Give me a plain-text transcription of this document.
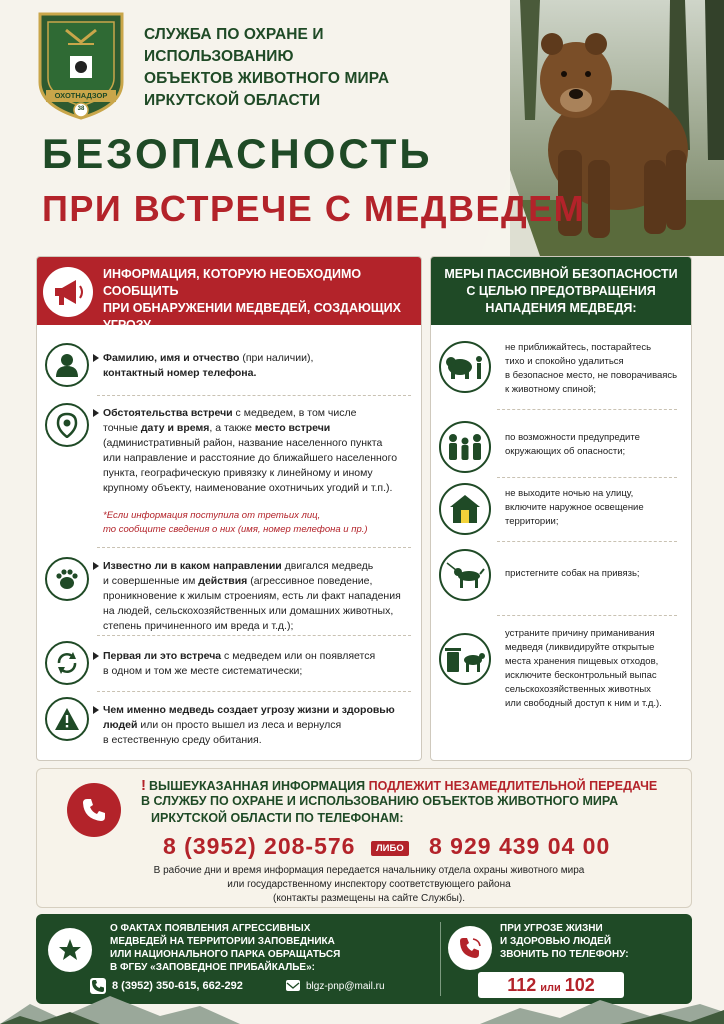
ОХОТНАДЗОР
38
СЛУЖБА ПО ОХРАНЕ И ИСПОЛЬЗОВАНИЮ
ОБЪЕКТОВ ЖИВОТНОГО МИРА
ИРКУТСКОЙ ОБЛАСТИ
БЕЗОПАСНОСТЬ
ПРИ ВСТРЕЧЕ С МЕДВЕДЕМ
ИНФОРМАЦИЯ, КОТОРУЮ НЕОБХОДИМО СООБЩИТЬ
ПРИ ОБНАРУЖЕНИИ МЕДВЕДЕЙ, СОЗДАЮЩИХ УГРОЗУ
ЖИЗНИ И ЗДОРОВЬЮ ЛЮДЕЙ:
Фамилию, имя и отчество (при наличии),
контактный номер телефона.
Обстоятельства встречи с медведем, в том числе
точные дату и время, а также место встречи
(административный район, название населенного пункта
или направление и расстояние до ближайшего населенного
пункта, географическую привязку к линейному и иному
крупному объекту, наименование охотничьих угодий и т.п.).
*Если информация поступила от третьих лиц,
то сообщите сведения о них (имя, номер телефона и пр.)
Известно ли в каком направлении двигался медведь
и совершенные им действия (агрессивное поведение,
проникновение к жилым строениям, есть ли факт нападения
на людей, сельскохозяйственных или домашних животных,
степень причиненного им вреда и т.д.);
Первая ли это встреча с медведем или он появляется
в одном и том же месте систематически;
Чем именно медведь создает угрозу жизни и здоровью
людей или он просто вышел из леса и вернулся
в естественную среду обитания.
МЕРЫ ПАССИВНОЙ БЕЗОПАСНОСТИ
С ЦЕЛЬЮ ПРЕДОТВРАЩЕНИЯ
НАПАДЕНИЯ МЕДВЕДЯ:
не приближайтесь, постарайтесь
тихо и спокойно удалиться
в безопасное место, не поворачиваясь
к животному спиной;
по возможности предупредите
окружающих об опасности;
не выходите ночью на улицу,
включите наружное освещение
территории;
пристегните собак на привязь;
устраните причину приманивания
медведя (ликвидируйте открытые
места хранения пищевых отходов,
исключите бесконтрольный выпас
сельскохозяйственных животных
или свободный доступ к ним и т.д.).
! ВЫШЕУКАЗАННАЯ ИНФОРМАЦИЯ ПОДЛЕЖИТ НЕЗАМЕДЛИТЕЛЬНОЙ ПЕРЕДАЧЕ
В СЛУЖБУ ПО ОХРАНЕ И ИСПОЛЬЗОВАНИЮ ОБЪЕКТОВ ЖИВОТНОГО МИРА
ИРКУТСКОЙ ОБЛАСТИ ПО ТЕЛЕФОНАМ:
8 (3952) 208-576	ЛИБО 8 929 439 04 00
В рабочие дни и время информация передается начальнику отдела охраны животного мира
или государственному инспектору соответствующего района
(контакты размещены на сайте Службы).
О ФАКТАХ ПОЯВЛЕНИЯ АГРЕССИВНЫХ
МЕДВЕДЕЙ НА ТЕРРИТОРИИ ЗАПОВЕДНИКА
ИЛИ НАЦИОНАЛЬНОГО ПАРКА ОБРАЩАТЬСЯ
В ФГБУ «ЗАПОВЕДНОЕ ПРИБАЙКАЛЬЕ»:
8 (3952) 350-615, 662-292	blgz-pnp@mail.ru
ПРИ УГРОЗЕ ЖИЗНИ
И ЗДОРОВЬЮ ЛЮДЕЙ
ЗВОНИТЬ ПО ТЕЛЕФОНУ:
112 или 102
